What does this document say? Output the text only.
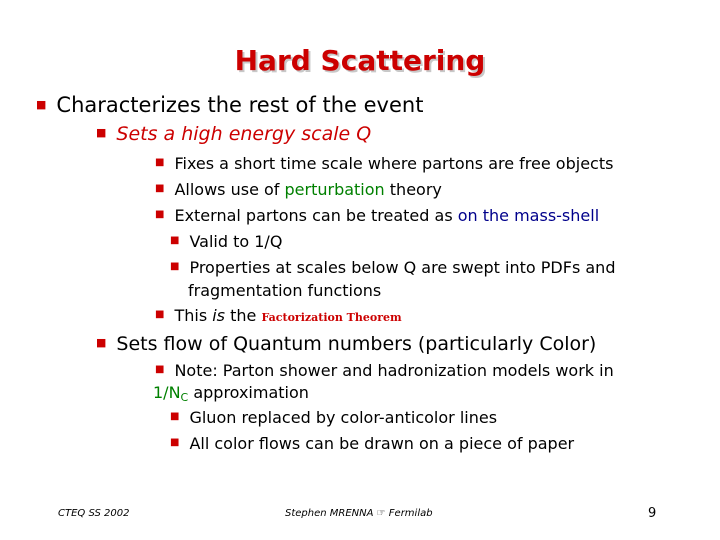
Hard Scattering
■ Characterizes the rest of the event
■ Sets a high energy scale Q
■ Fixes a short time scale where partons are free objects
■ Allows use of perturbation theory
■ External partons can be treated as on the mass-shell
■ Valid to 1/Q
■ Properties at scales below Q are swept into PDFs and
fragmentation functions
■ This is the Factorization Theorem
■ Sets flow of Quantum numbers (particularly Color)
■ Note: Parton shower and hadronization models work in
$1/N_C$ approximation
■ Gluon replaced by color-anticolor lines
■ All color flows can be drawn on a piece of paper
CTEQ SS 2002	Stephen MRENNA ☞ Fermilab	9
